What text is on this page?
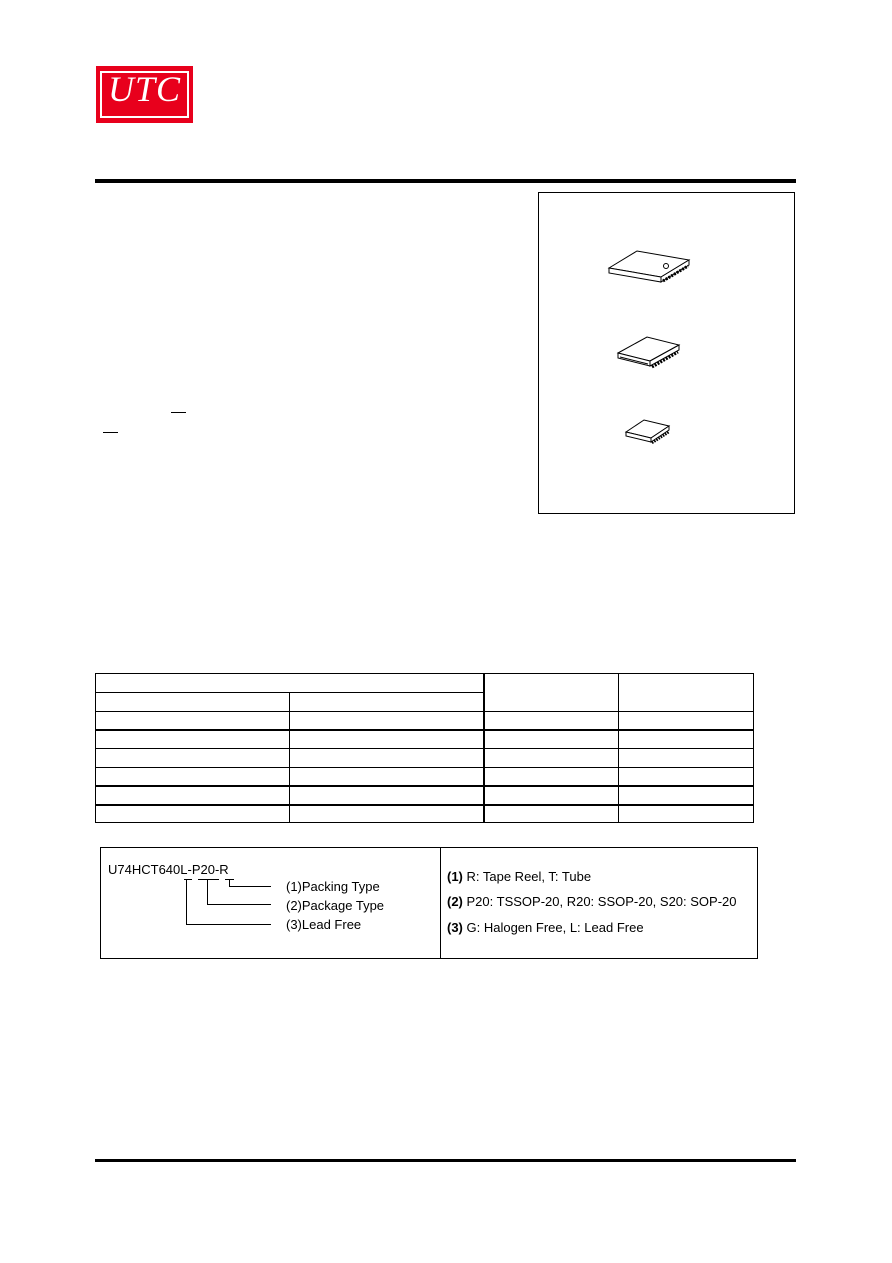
UTC
U74HCT640L-P20-R
(1)Packing Type
(2)Package Type
(3)Lead Free
(1) R: Tape Reel, T: Tube
(2) P20: TSSOP-20, R20: SSOP-20, S20: SOP-20
(3) G: Halogen Free, L: Lead Free
